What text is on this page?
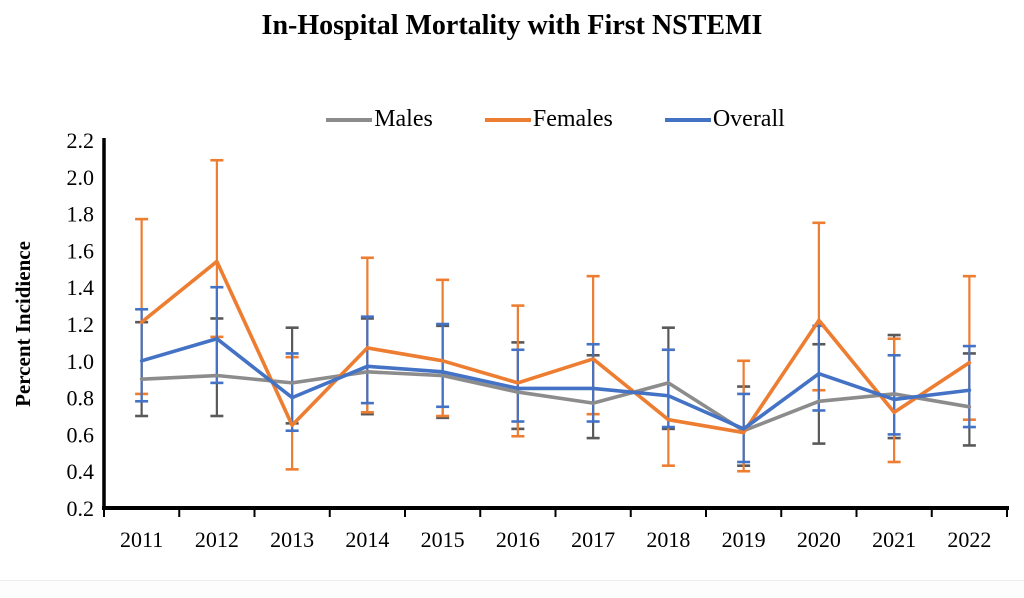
In-Hospital Mortality with First NSTEMI
Males	Females	Overall
2.2
2.0
1.8
1.6
1.4
1.2
1.0
0.8
0.6
0.4
0.2
2011 2012 2013 2014 2015 2016 2017 2018 2019 2020 2021 2022
Percent Incidience
